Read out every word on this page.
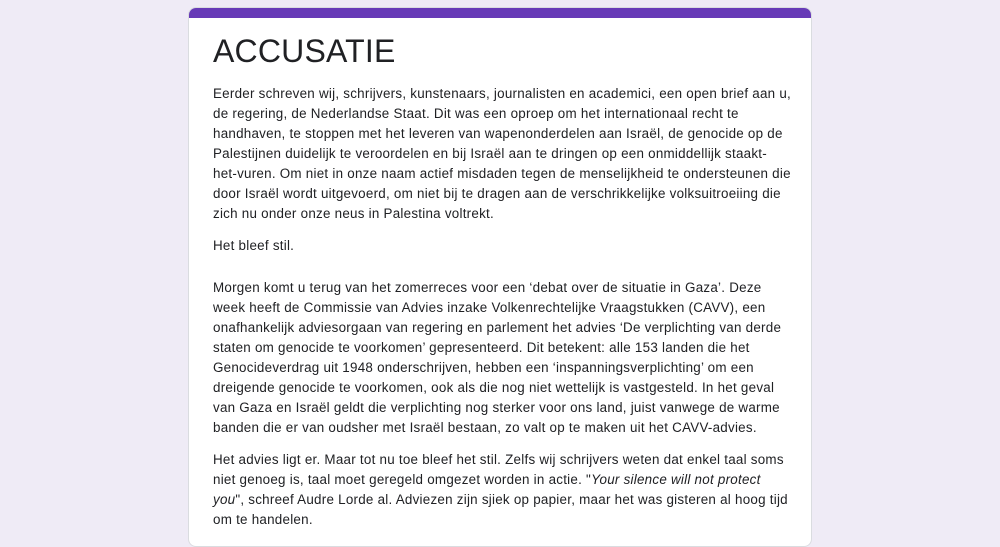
ACCUSATIE

Eerder schreven wij, schrijvers, kunstenaars, journalisten en academici, een open brief aan u, de regering, de Nederlandse Staat. Dit was een oproep om het internationaal recht te handhaven, te stoppen met het leveren van wapenonderdelen aan Israël, de genocide op de Palestijnen duidelijk te veroordelen en bij Israël aan te dringen op een onmiddellijk staakt-het-vuren. Om niet in onze naam actief misdaden tegen de menselijkheid te ondersteunen die door Israël wordt uitgevoerd, om niet bij te dragen aan de verschrikkelijke volksuitroeiing die zich nu onder onze neus in Palestina voltrekt.

Het bleef stil.

Morgen komt u terug van het zomerreces voor een ‘debat over de situatie in Gaza’. Deze week heeft de Commissie van Advies inzake Volkenrechtelijke Vraagstukken (CAVV), een onafhankelijk adviesorgaan van regering en parlement het advies ‘De verplichting van derde staten om genocide te voorkomen’ gepresenteerd. Dit betekent: alle 153 landen die het Genocideverdrag uit 1948 onderschrijven, hebben een ‘inspanningsverplichting’ om een dreigende genocide te voorkomen, ook als die nog niet wettelijk is vastgesteld. In het geval van Gaza en Israël geldt die verplichting nog sterker voor ons land, juist vanwege de warme banden die er van oudsher met Israël bestaan, zo valt op te maken uit het CAVV-advies.

Het advies ligt er. Maar tot nu toe bleef het stil. Zelfs wij schrijvers weten dat enkel taal soms niet genoeg is, taal moet geregeld omgezet worden in actie. "Your silence will not protect you", schreef Audre Lorde al. Adviezen zijn sjiek op papier, maar het was gisteren al hoog tijd om te handelen.
